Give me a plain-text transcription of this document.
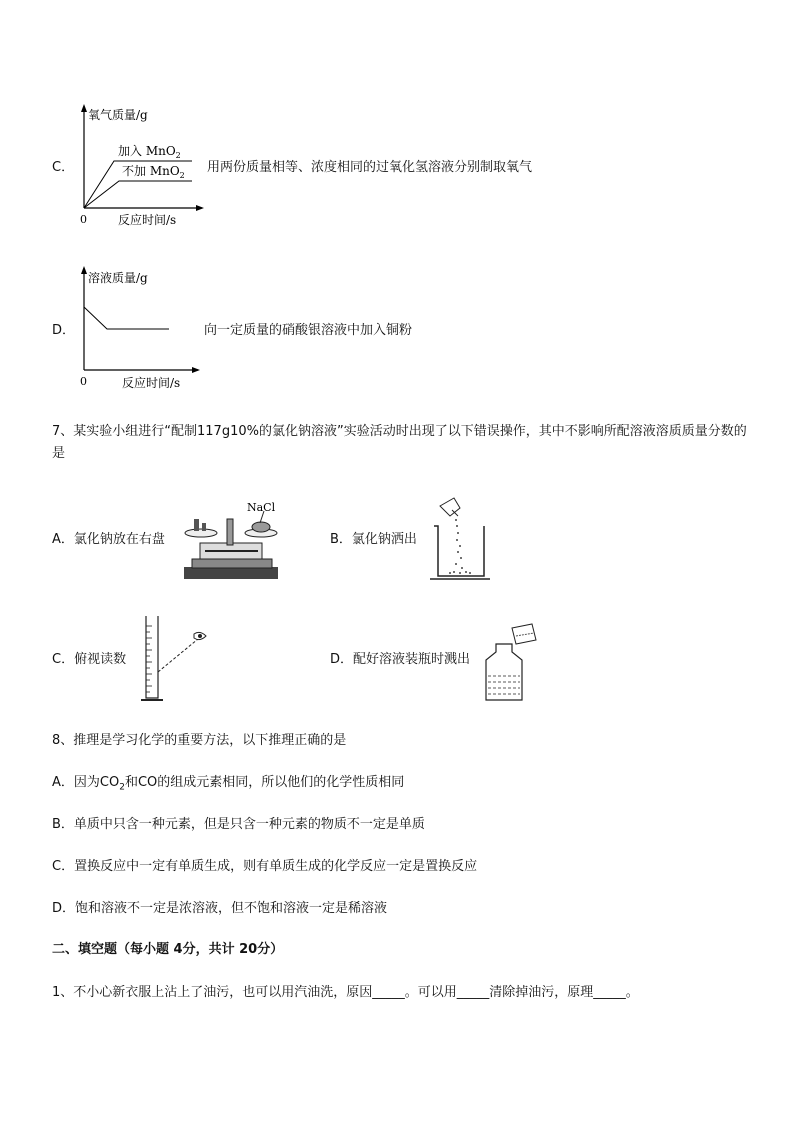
C．
氧气质量/g
0	反应时间/s
加入 MnO$_2$
不加 MnO$_2$
用两份质量相等、浓度相同的过氧化氢溶液分别制取氧气
D．
溶液质量/g
0	反应时间/s
向一定质量的硝酸银溶液中加入铜粉
7、某实验小组进行“配制117g10%的氯化钠溶液”实验活动时出现了以下错误操作，其中不影响所配溶液溶质质量分数的是
A．氯化钠放在右盘
NaCl
B．氯化钠洒出
C．俯视读数	D．配好溶液装瓶时溅出
8、推理是学习化学的重要方法，以下推理正确的是
A．因为$CO_2$和CO的组成元素相同，所以他们的化学性质相同
B．单质中只含一种元素，但是只含一种元素的物质不一定是单质
C．置换反应中一定有单质生成，则有单质生成的化学反应一定是置换反应
D．饱和溶液不一定是浓溶液，但不饱和溶液一定是稀溶液
二、填空题（每小题 4分，共计 20分）
1、不小心新衣服上沾上了油污，也可以用汽油洗，原因_____。可以用_____清除掉油污，原理_____。
